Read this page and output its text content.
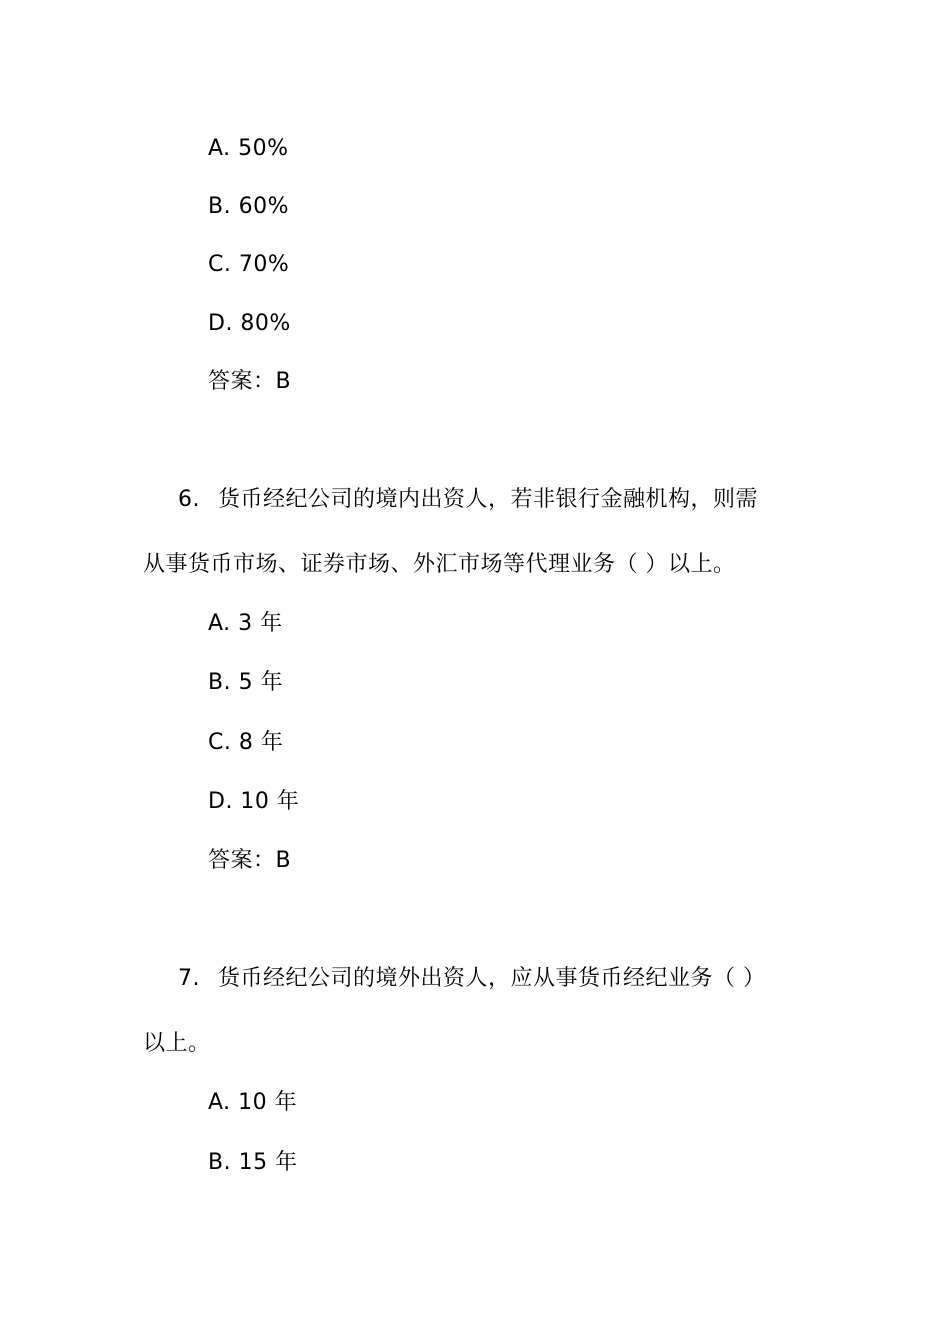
A. 50%
B. 60%
C. 70%
D. 80%
答案：B
6. 货币经纪公司的境内出资人，若非银行金融机构，则需
从事货币市场、证券市场、外汇市场等代理业务（ ）以上。
A. 3 年
B. 5 年
C. 8 年
D. 10 年
答案：B
7. 货币经纪公司的境外出资人，应从事货币经纪业务（ ）
以上。
A. 10 年
B. 15 年
